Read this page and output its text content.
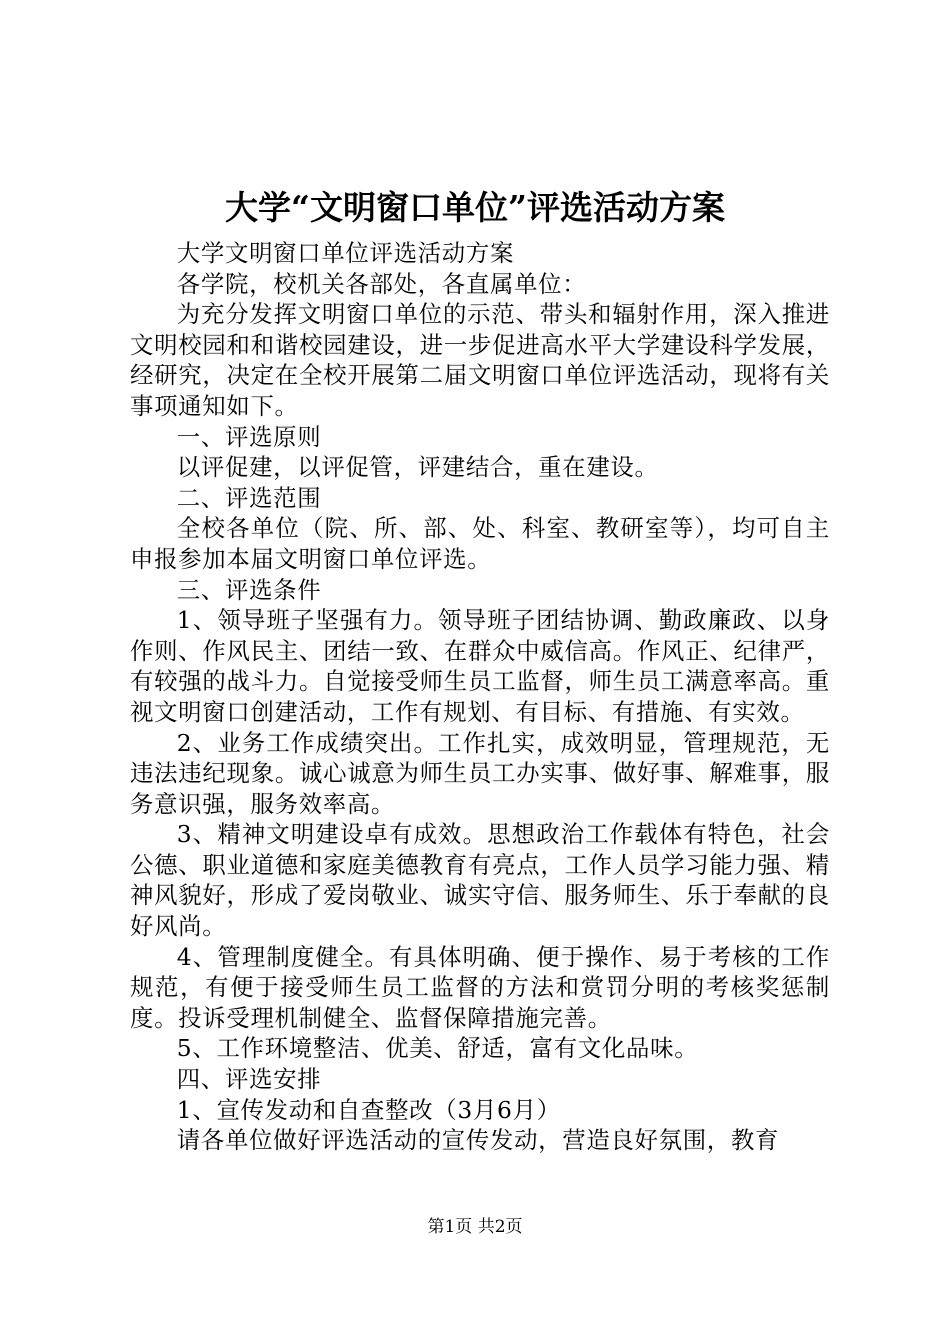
大学“文明窗口单位”评选活动方案

大学文明窗口单位评选活动方案

各学院，校机关各部处，各直属单位：

为充分发挥文明窗口单位的示范、带头和辐射作用，深入推进文明校园和和谐校园建设，进一步促进高水平大学建设科学发展，经研究，决定在全校开展第二届文明窗口单位评选活动，现将有关事项通知如下。

一、评选原则

以评促建，以评促管，评建结合，重在建设。

二、评选范围

全校各单位（院、所、部、处、科室、教研室等），均可自主申报参加本届文明窗口单位评选。

三、评选条件

1、领导班子坚强有力。领导班子团结协调、勤政廉政、以身作则、作风民主、团结一致、在群众中威信高。作风正、纪律严，有较强的战斗力。自觉接受师生员工监督，师生员工满意率高。重视文明窗口创建活动，工作有规划、有目标、有措施、有实效。

2、业务工作成绩突出。工作扎实，成效明显，管理规范，无违法违纪现象。诚心诚意为师生员工办实事、做好事、解难事，服务意识强，服务效率高。

3、精神文明建设卓有成效。思想政治工作载体有特色，社会公德、职业道德和家庭美德教育有亮点，工作人员学习能力强、精神风貌好，形成了爱岗敬业、诚实守信、服务师生、乐于奉献的良好风尚。

4、管理制度健全。有具体明确、便于操作、易于考核的工作规范，有便于接受师生员工监督的方法和赏罚分明的考核奖惩制度。投诉受理机制健全、监督保障措施完善。

5、工作环境整洁、优美、舒适，富有文化品味。

四、评选安排

1、宣传发动和自查整改（3月6月）

请各单位做好评选活动的宣传发动，营造良好氛围，教育

第1页 共2页
